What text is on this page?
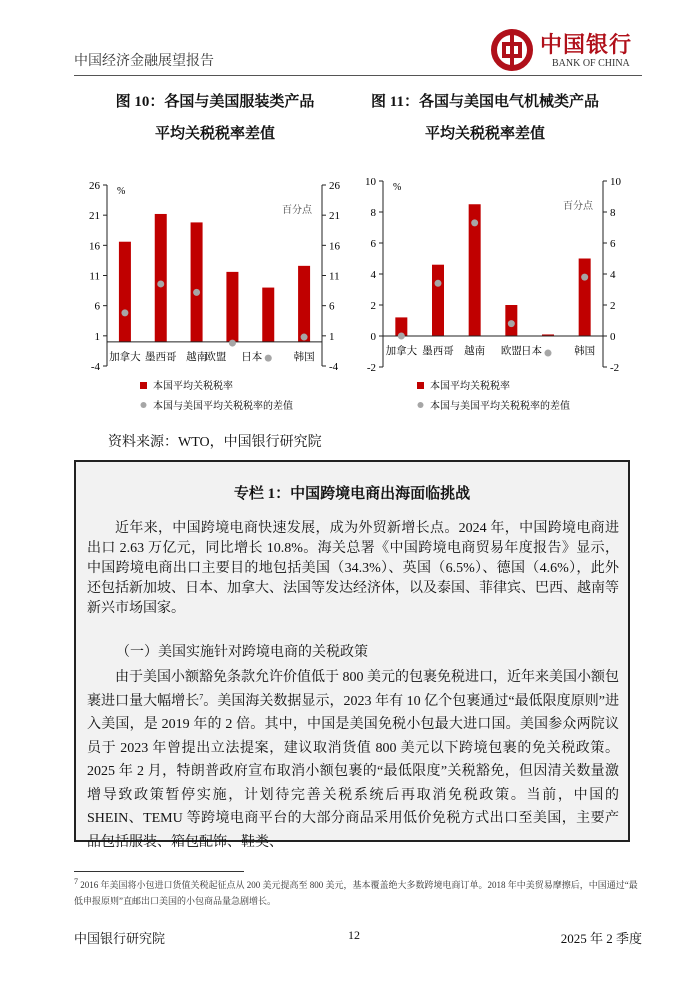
中国经济金融展望报告
中国银行
BANK OF CHINA
图 10：各国与美国服装类产品
平均关税税率差值
图 11：各国与美国电气机械类产品
平均关税税率差值
-4	-4
1	1
6	6
11	11
16	16
21	21
26	26
%
百分点
加拿大 墨西哥 越南
欧盟 日本	韩国
本国平均关税税率
本国与美国平均关税税率的差值
-2	-2
0	0
2	2
4	4
6	6
8	8
10	10
%
百分点
加拿大 墨西哥 越南 欧盟 日本	韩国
本国平均关税税率
本国与美国平均关税税率的差值
资料来源：WTO，中国银行研究院
专栏 1：中国跨境电商出海面临挑战
近年来，中国跨境电商快速发展，成为外贸新增长点。2024 年，中国跨境电商进出口 2.63 万亿元，同比增长 10.8%。海关总署《中国跨境电商贸易年度报告》显示，中国跨境电商出口主要目的地包括美国（34.3%）、英国（6.5%）、德国（4.6%），此外还包括新加坡、日本、加拿大、法国等发达经济体，以及泰国、菲律宾、巴西、越南等新兴市场国家。
（一）美国实施针对跨境电商的关税政策
由于美国小额豁免条款允许价值低于 800 美元的包裹免税进口，近年来美国小额包裹进口量大幅增长$^7$。美国海关数据显示，2023 年有 10 亿个包裹通过“最低限度原则”进入美国，是 2019 年的 2 倍。其中，中国是美国免税小包最大进口国。美国参众两院议员于 2023 年曾提出立法提案，建议取消货值 800 美元以下跨境包裹的免关税政策。2025 年 2 月，特朗普政府宣布取消小额包裹的“最低限度”关税豁免，但因清关数量激增导致政策暂停实施，计划待完善关税系统后再取消免税政策。当前，中国的 SHEIN、TEMU 等跨境电商平台的大部分商品采用低价免税方式出口至美国，主要产品包括服装、箱包配饰、鞋类、
$^7$ 2016 年美国将小包进口货值关税起征点从 200 美元提高至 800 美元，基本覆盖绝大多数跨境电商订单。2018 年中美贸易摩擦后，中国通过“最低申报原则”直邮出口美国的小包商品量急剧增长。
中国银行研究院	12	2025 年 2 季度
